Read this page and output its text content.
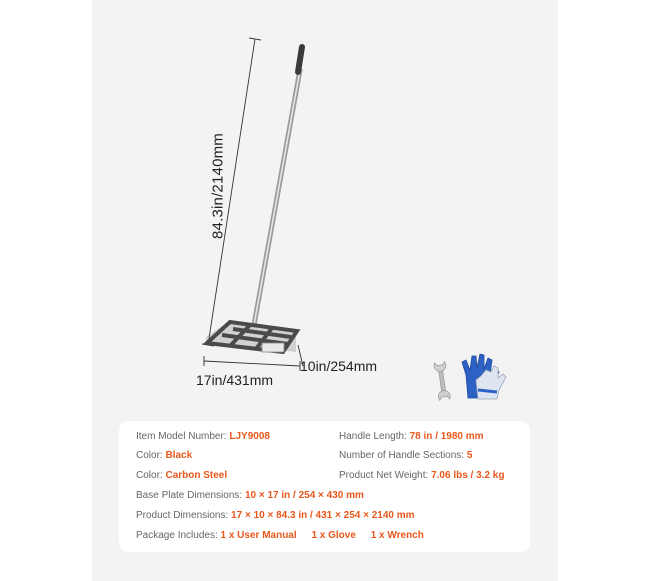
84.3in/2140mm
17in/431mm
10in/254mm
Item Model Number: LJY9008	Handle Length: 78 in / 1980 mm
Color: Black	Number of Handle Sections: 5
Color: Carbon Steel	Product Net Weight: 7.06 lbs / 3.2 kg
Base Plate Dimensions: 10 × 17 in / 254 × 430 mm
Product Dimensions: 17 × 10 × 84.3 in / 431 × 254 × 2140 mm
Package Includes: 1 x User Manual 1 x Glove 1 x Wrench
